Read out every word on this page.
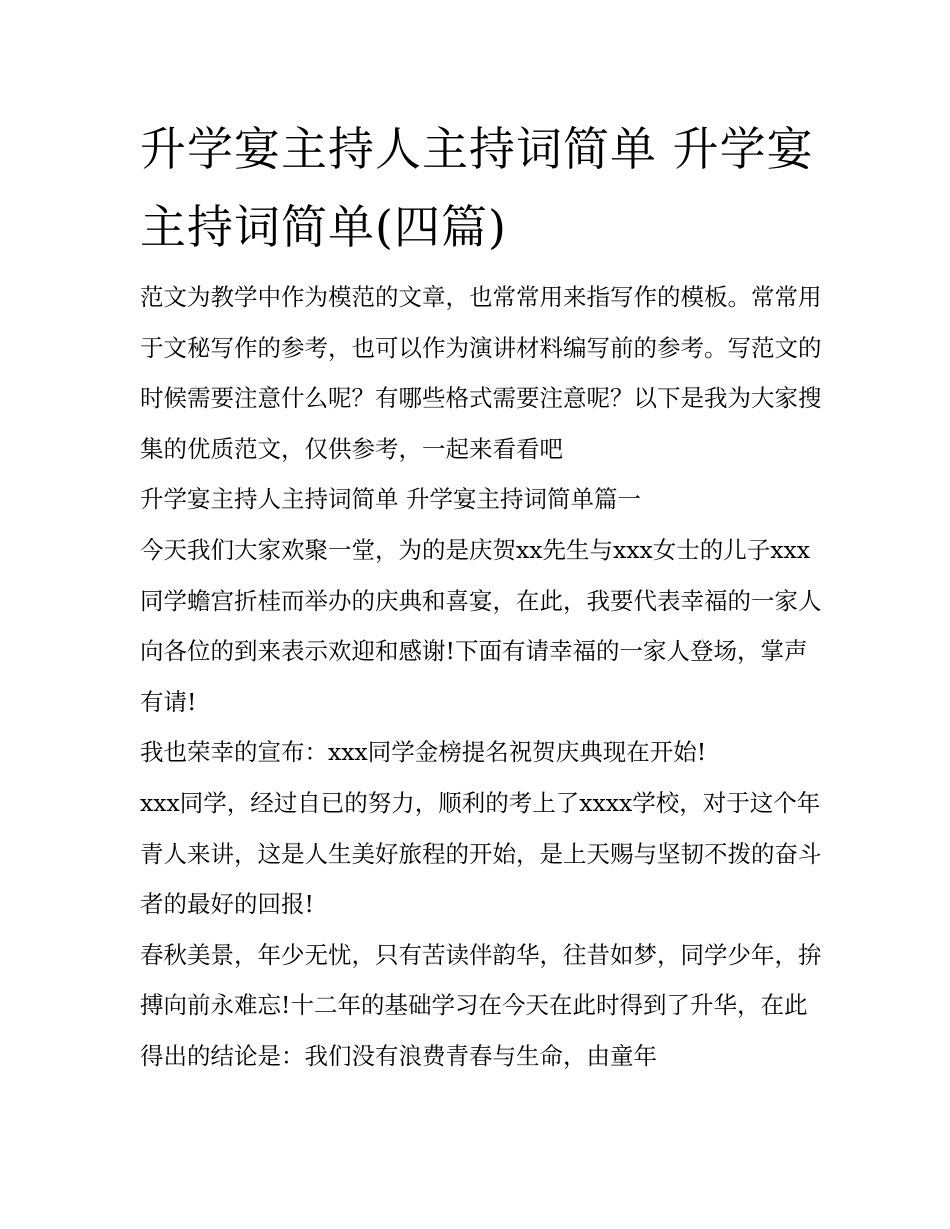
升学宴主持人主持词简单 升学宴主持词简单(四篇)

范文为教学中作为模范的文章，也常常用来指写作的模板。常常用于文秘写作的参考，也可以作为演讲材料编写前的参考。写范文的时候需要注意什么呢？有哪些格式需要注意呢？以下是我为大家搜集的优质范文，仅供参考，一起来看看吧

升学宴主持人主持词简单 升学宴主持词简单篇一

今天我们大家欢聚一堂，为的是庆贺xx先生与xxx女士的儿子xxx同学蟾宫折桂而举办的庆典和喜宴，在此，我要代表幸福的一家人向各位的到来表示欢迎和感谢!下面有请幸福的一家人登场，掌声有请!

我也荣幸的宣布：xxx同学金榜提名祝贺庆典现在开始!

xxx同学，经过自已的努力，顺利的考上了xxxx学校，对于这个年青人来讲，这是人生美好旅程的开始，是上天赐与坚韧不拨的奋斗者的最好的回报!

春秋美景，年少无忧，只有苦读伴韵华，往昔如梦，同学少年，拚搏向前永难忘!十二年的基础学习在今天在此时得到了升华，在此得出的结论是：我们没有浪费青春与生命，由童年
